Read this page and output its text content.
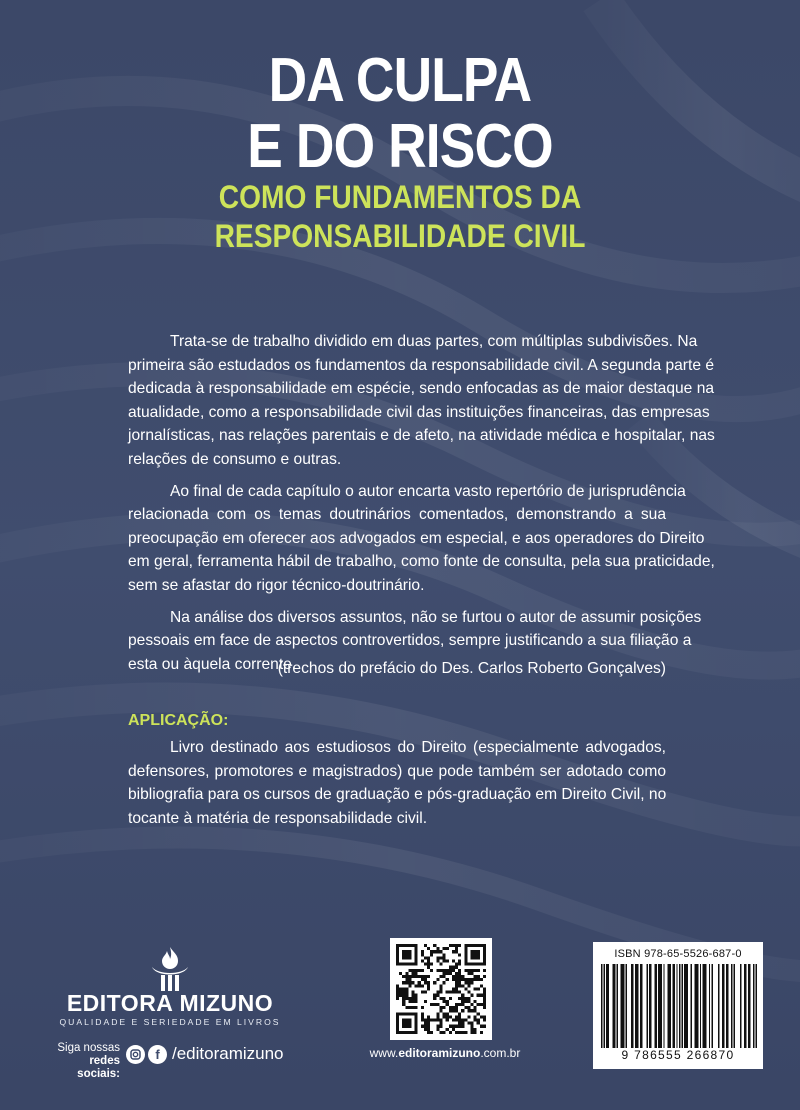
DA CULPA
E DO RISCO
COMO FUNDAMENTOS DA
RESPONSABILIDADE CIVIL

Trata-se de trabalho dividido em duas partes, com múltiplas subdivisões. Na
primeira são estudados os fundamentos da responsabilidade civil. A segunda parte é
dedicada à responsabilidade em espécie, sendo enfocadas as de maior destaque na
atualidade, como a responsabilidade civil das instituições financeiras, das empresas
jornalísticas, nas relações parentais e de afeto, na atividade médica e hospitalar, nas
relações de consumo e outras.

Ao final de cada capítulo o autor encarta vasto repertório de jurisprudência
relacionada com os temas doutrinários comentados, demonstrando a sua
preocupação em oferecer aos advogados em especial, e aos operadores do Direito
em geral, ferramenta hábil de trabalho, como fonte de consulta, pela sua praticidade,
sem se afastar do rigor técnico-doutrinário.

Na análise dos diversos assuntos, não se furtou o autor de assumir posições
pessoais em face de aspectos controvertidos, sempre justificando a sua filiação a
esta ou àquela corrente.

(trechos do prefácio do Des. Carlos Roberto Gonçalves)
APLICAÇÃO:
Livro destinado aos estudiosos do Direito (especialmente advogados,
defensores, promotores e magistrados) que pode também ser adotado como
bibliografia para os cursos de graduação e pós-graduação em Direito Civil, no
tocante à matéria de responsabilidade civil.
EDITORA MIZUNO
QUALIDADE E SERIEDADE EM LIVROS
Siga nossas
redes sociais:
f /editoramizuno	www.editoramizuno.com.br
ISBN 978-65-5526-687-0
9 786555 266870
